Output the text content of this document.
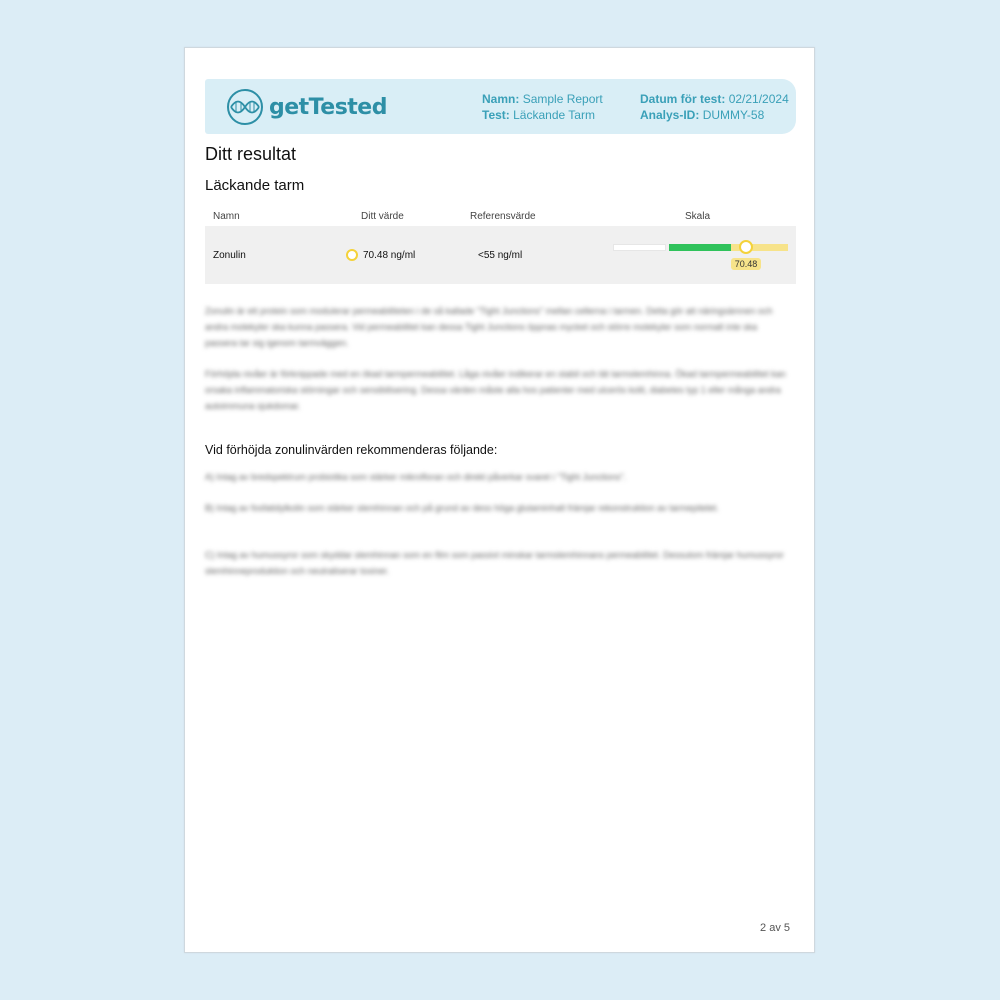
getTested	Namn: Sample Report
Test: Läckande Tarm
Datum för test: 02/21/2024
Analys-ID: DUMMY-58
Ditt resultat
Läckande tarm
Namn	Ditt värde	Referensvärde	Skala
Zonulin	70.48 ng/ml	<55 ng/ml
70.48
Zonulin är ett protein som modulerar permeabiliteten i de så kallade "Tight Junctions" mellan cellerna i tarmen. Detta gör att näringsämnen och andra molekyler ska kunna passera. Vid permeabilitet kan dessa Tight Junctions öppnas mycket och större molekyler som normalt inte ska passera tar sig igenom tarmväggen.
Förhöjda nivåer är förknippade med en ökad tarmpermeabilitet. Låga nivåer indikerar en stabil och tät tarmslemhinna. Ökad tarmpermeabilitet kan orsaka inflammatoriska störningar och sensibilisering. Dessa värden måste alla hos patienter med ulcerös kolit, diabetes typ 1 eller många andra autoimmuna sjukdomar.
Vid förhöjda zonulinvärden rekommenderas följande:
A) Intag av bredspektrum probiotika som stärker mikrofloran och direkt påverkar svaret i "Tight Junctions".
B) Intag av fosfatidylkolin som stärker slemhinnan och på grund av dess höga glutaminhalt främjar rekonstruktion av tarmepitelet.
C) Intag av humussyror som skyddar slemhinnan som en film som passivt minskar tarmslemhinnans permeabilitet. Dessutom främjar humussyror slemhinneproduktion och neutraliserar toxiner.
2 av 5
